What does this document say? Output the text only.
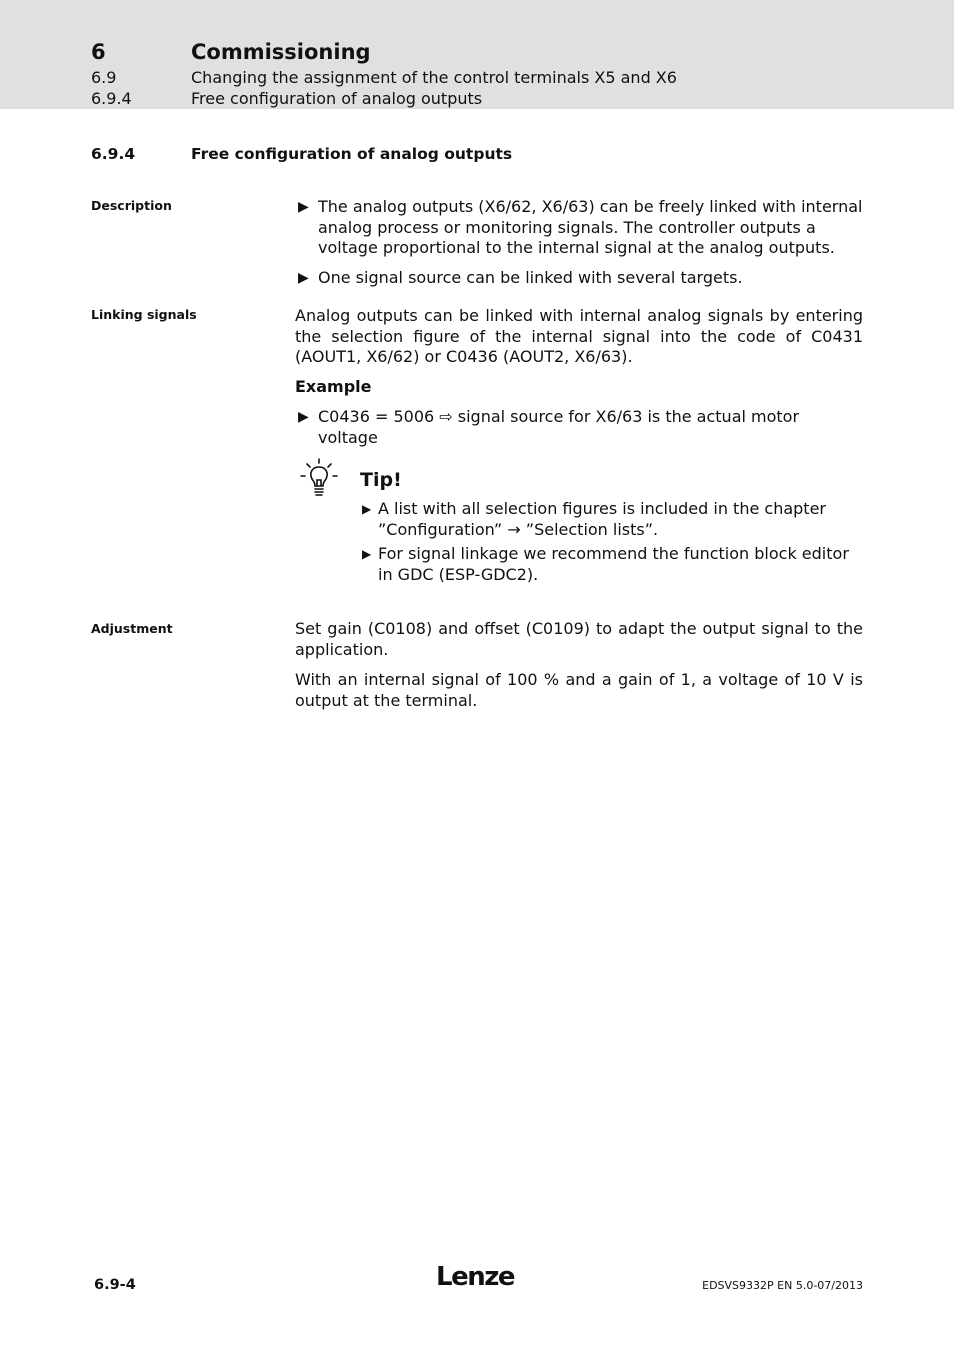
6	Commissioning
6.9	Changing the assignment of the control terminals X5 and X6
6.9.4	Free configuration of analog outputs
6.9.4	Free configuration of analog outputs
Description	▶ The analog outputs (X6/62, X6/63) can be freely linked with internal analog process or monitoring signals. The controller outputs a voltage proportional to the internal signal at the analog outputs.
▶ One signal source can be linked with several targets.
Linking signals	Analog outputs can be linked with internal analog signals by entering the selection figure of the internal signal into the code of C0431 (AOUT1, X6/62) or C0436 (AOUT2, X6/63).
Example
▶ C0436 = 5006 ⇨ signal source for X6/63 is the actual motor voltage
Tip!
▶ A list with all selection figures is included in the chapter ”Configuration” → ”Selection lists”.
▶ For signal linkage we recommend the function block editor in GDC (ESP-GDC2).
Adjustment	Set gain (C0108) and offset (C0109) to adapt the output signal to the application.
With an internal signal of 100 % and a gain of 1, a voltage of 10 V is output at the terminal.
6.9-4	Lenze	EDSVS9332P EN 5.0-07/2013
